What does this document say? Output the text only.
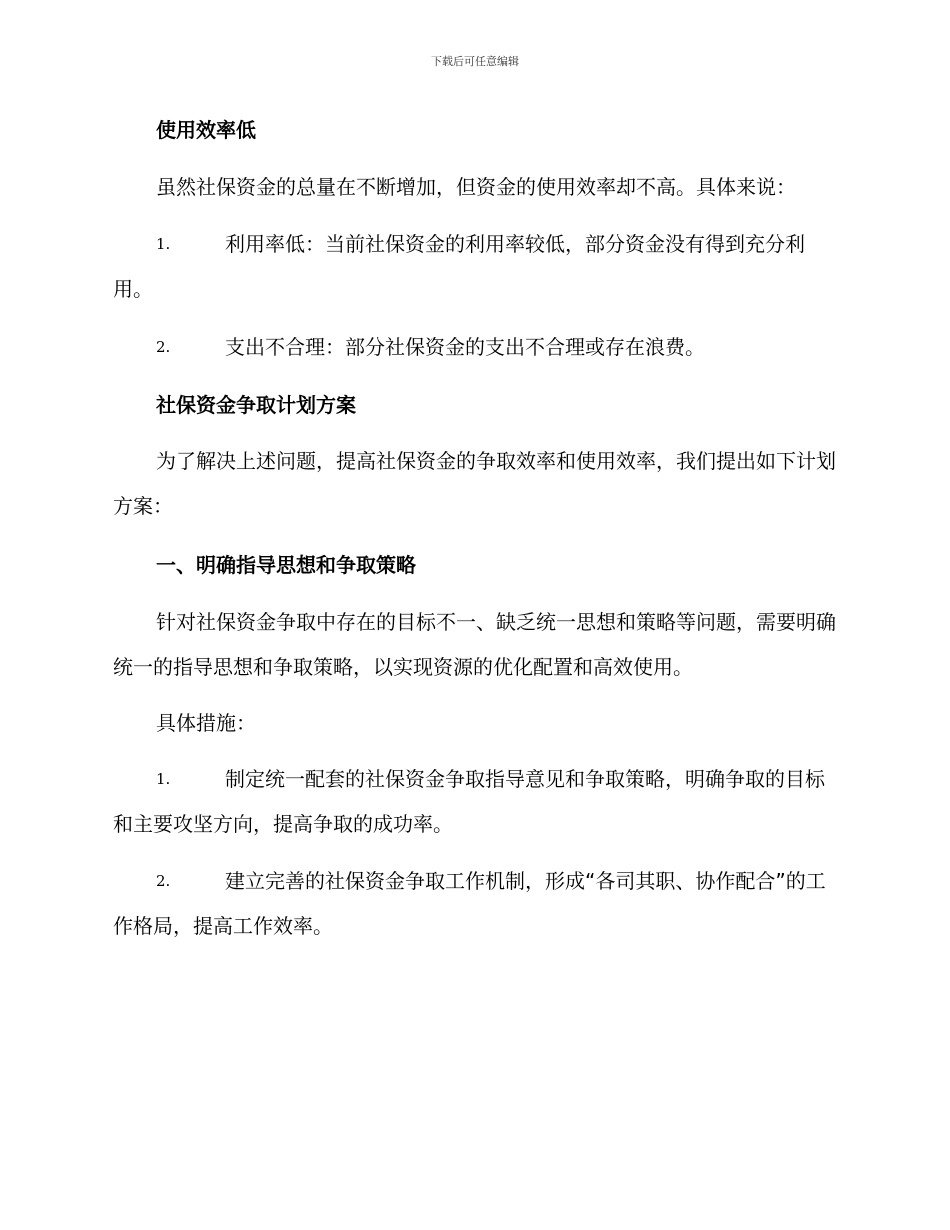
下载后可任意编辑

使用效率低

虽然社保资金的总量在不断增加，但资金的使用效率却不高。具体来说：

1.	利用率低：当前社保资金的利用率较低，部分资金没有得到充分利用。

2.	支出不合理：部分社保资金的支出不合理或存在浪费。

社保资金争取计划方案

为了解决上述问题，提高社保资金的争取效率和使用效率，我们提出如下计划方案：

一、明确指导思想和争取策略

针对社保资金争取中存在的目标不一、缺乏统一思想和策略等问题，需要明确统一的指导思想和争取策略，以实现资源的优化配置和高效使用。

具体措施：

1.	制定统一配套的社保资金争取指导意见和争取策略，明确争取的目标和主要攻坚方向，提高争取的成功率。

2.	建立完善的社保资金争取工作机制，形成“各司其职、协作配合”的工作格局，提高工作效率。
